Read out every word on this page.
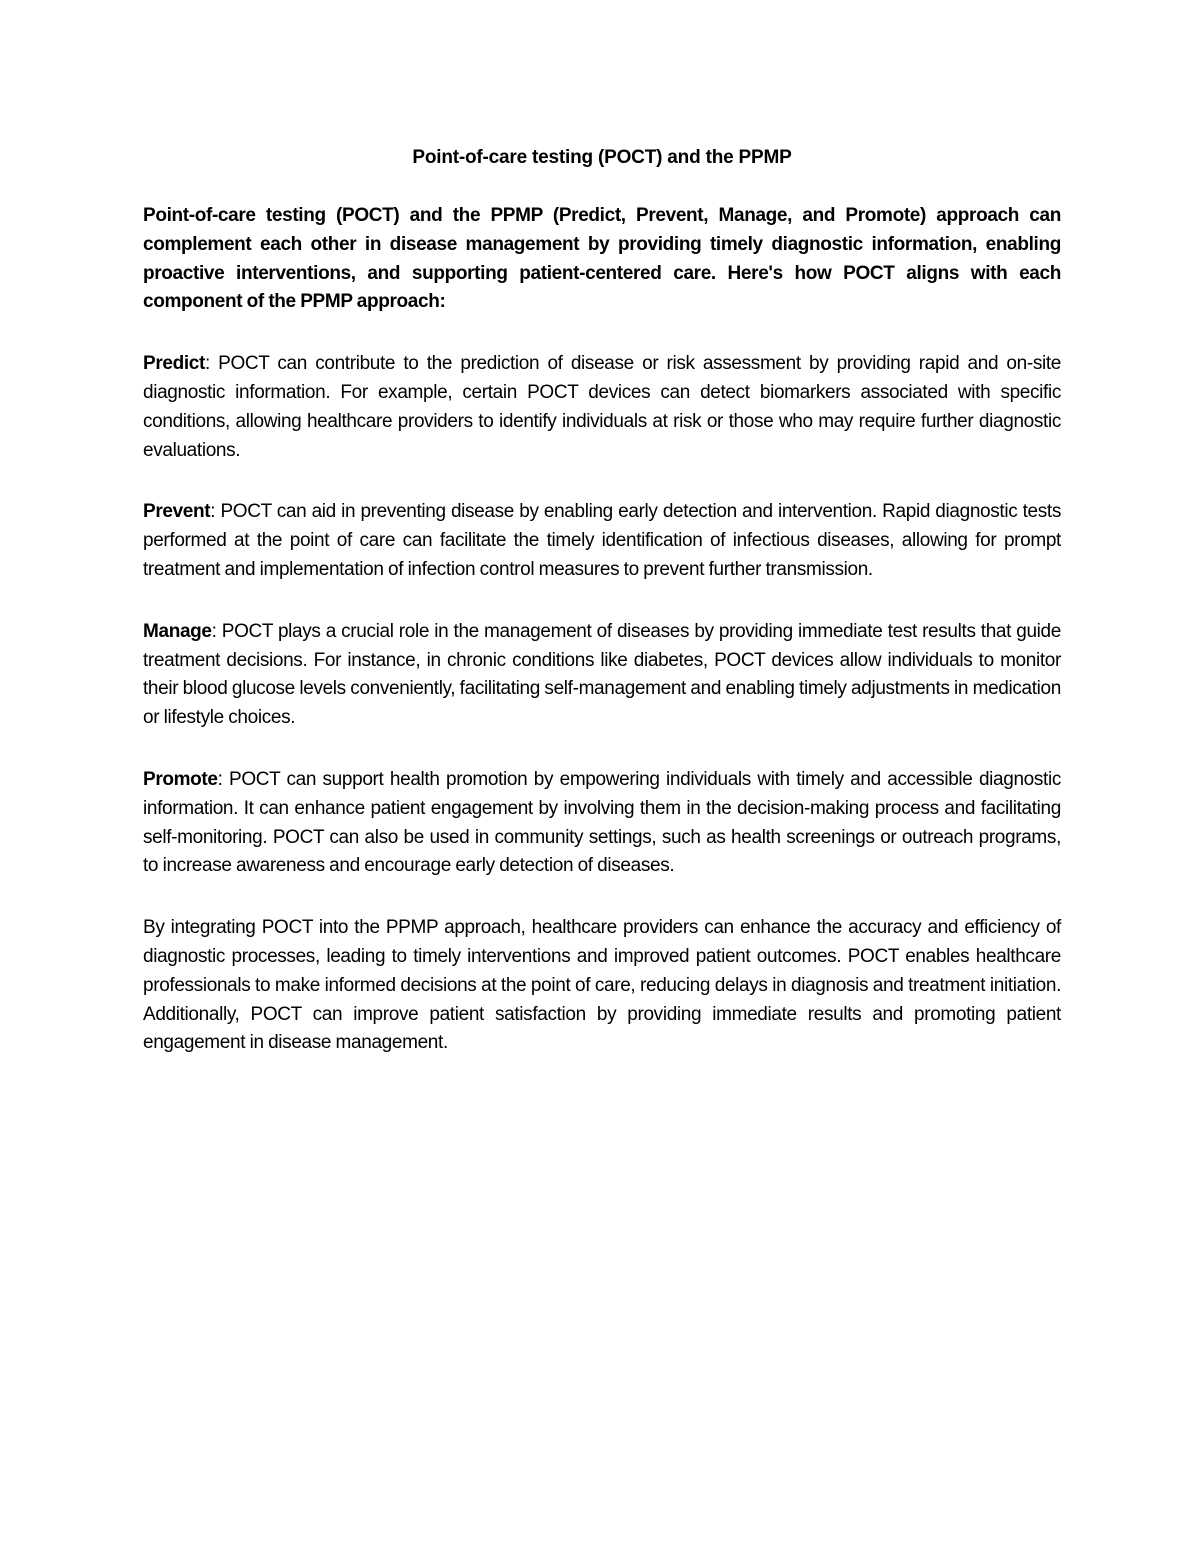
Point-of-care testing (POCT) and the PPMP

Point-of-care testing (POCT) and the PPMP (Predict, Prevent, Manage, and Promote) approach can complement each other in disease management by providing timely diagnostic information, enabling proactive interventions, and supporting patient-centered care. Here's how POCT aligns with each component of the PPMP approach:

Predict: POCT can contribute to the prediction of disease or risk assessment by providing rapid and on-site diagnostic information. For example, certain POCT devices can detect biomarkers associated with specific conditions, allowing healthcare providers to identify individuals at risk or those who may require further diagnostic evaluations.

Prevent: POCT can aid in preventing disease by enabling early detection and intervention. Rapid diagnostic tests performed at the point of care can facilitate the timely identification of infectious diseases, allowing for prompt treatment and implementation of infection control measures to prevent further transmission.

Manage: POCT plays a crucial role in the management of diseases by providing immediate test results that guide treatment decisions. For instance, in chronic conditions like diabetes, POCT devices allow individuals to monitor their blood glucose levels conveniently, facilitating self-management and enabling timely adjustments in medication or lifestyle choices.

Promote: POCT can support health promotion by empowering individuals with timely and accessible diagnostic information. It can enhance patient engagement by involving them in the decision-making process and facilitating self-monitoring. POCT can also be used in community settings, such as health screenings or outreach programs, to increase awareness and encourage early detection of diseases.

By integrating POCT into the PPMP approach, healthcare providers can enhance the accuracy and efficiency of diagnostic processes, leading to timely interventions and improved patient outcomes. POCT enables healthcare professionals to make informed decisions at the point of care, reducing delays in diagnosis and treatment initiation. Additionally, POCT can improve patient satisfaction by providing immediate results and promoting patient engagement in disease management.
